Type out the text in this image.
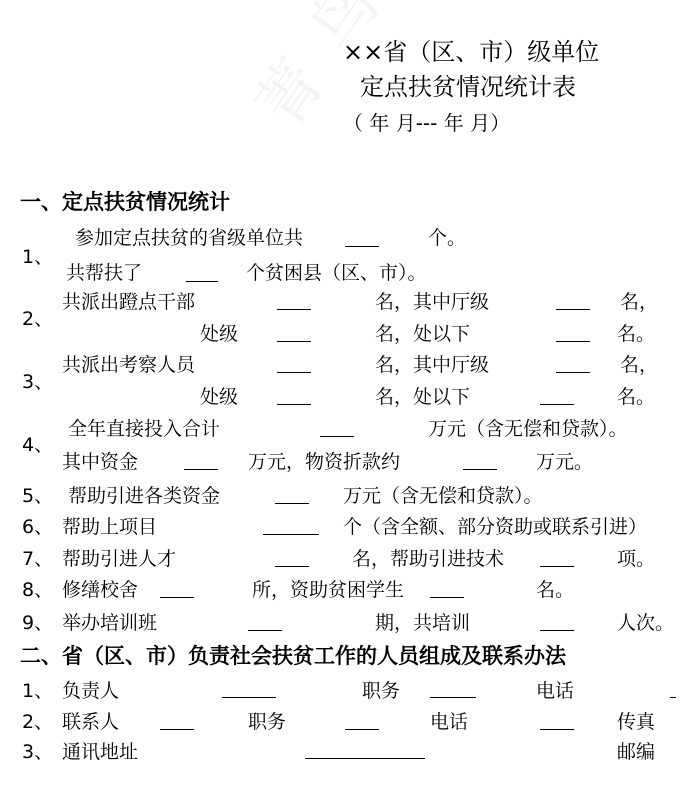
××省（区、市）级单位
定点扶贫情况统计表
（ 年 月--- 年 月）
一、定点扶贫情况统计
1、
参加定点扶贫的省级单位共	个。
共帮扶了	个贫困县（区、市）。
2、
共派出蹬点干部	名，其中厅级	名，
处级	名，处以下	名。
3、
共派出考察人员	名，其中厅级	名，
处级	名，处以下	名。
4、
全年直接投入合计	万元（含无偿和贷款）。
其中资金	万元，物资折款约	万元。
5、 帮助引进各类资金	万元（含无偿和贷款）。
6、 帮助上项目	个（含全额、部分资助或联系引进）
7、 帮助引进人才	名，帮助引进技术	项。
8、 修缮校舍	所，资助贫困学生	名。
9、 举办培训班	期，共培训	人次。
二、省（区、市）负责社会扶贫工作的人员组成及联系办法
1、 负责人	职务	电话
2、 联系人	职务	电话	传真
3、 通讯地址	邮编
